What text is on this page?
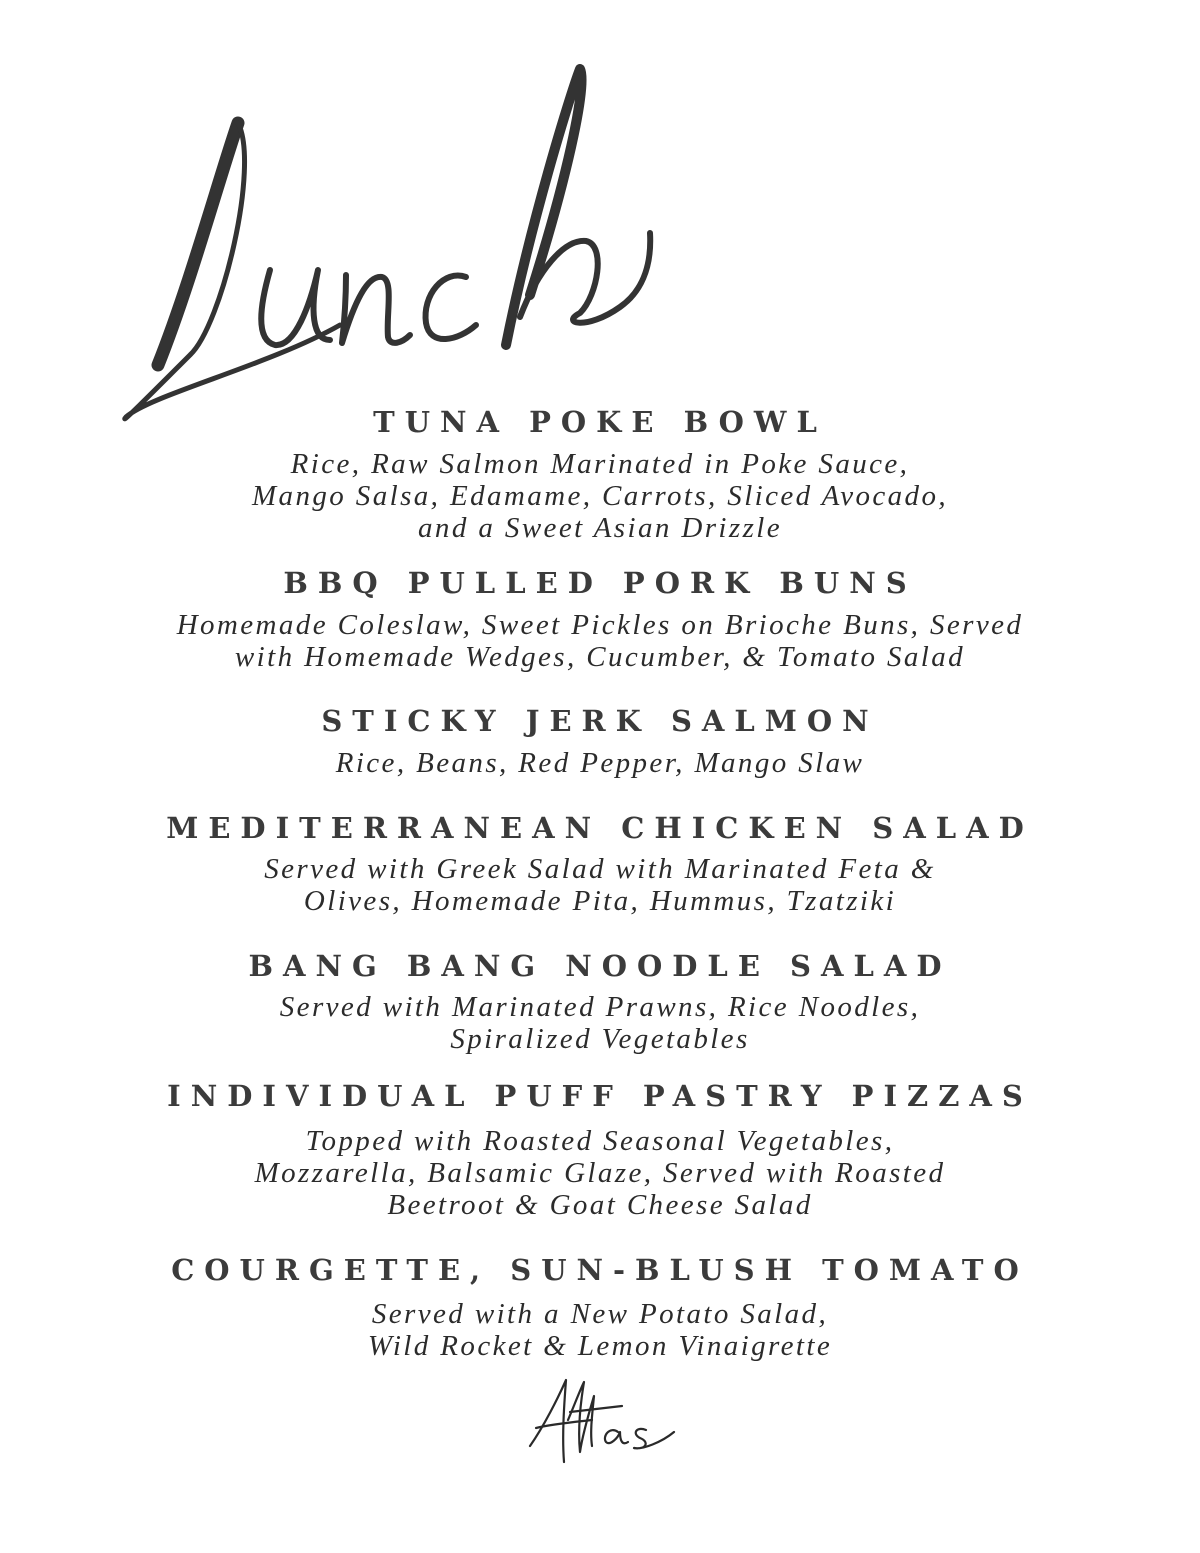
TUNA POKE BOWL

Rice, Raw Salmon Marinated in Poke Sauce,
Mango Salsa, Edamame, Carrots, Sliced Avocado,
and a Sweet Asian Drizzle

BBQ PULLED PORK BUNS

Homemade Coleslaw, Sweet Pickles on Brioche Buns, Served
with Homemade Wedges, Cucumber, & Tomato Salad

STICKY JERK SALMON

Rice, Beans, Red Pepper, Mango Slaw

MEDITERRANEAN CHICKEN SALAD

Served with Greek Salad with Marinated Feta &
Olives, Homemade Pita, Hummus, Tzatziki

BANG BANG NOODLE SALAD

Served with Marinated Prawns, Rice Noodles,
Spiralized Vegetables

INDIVIDUAL PUFF PASTRY PIZZAS

Topped with Roasted Seasonal Vegetables,
Mozzarella, Balsamic Glaze, Served with Roasted
Beetroot & Goat Cheese Salad

COURGETTE, SUN-BLUSH TOMATO

Served with a New Potato Salad,
Wild Rocket & Lemon Vinaigrette
